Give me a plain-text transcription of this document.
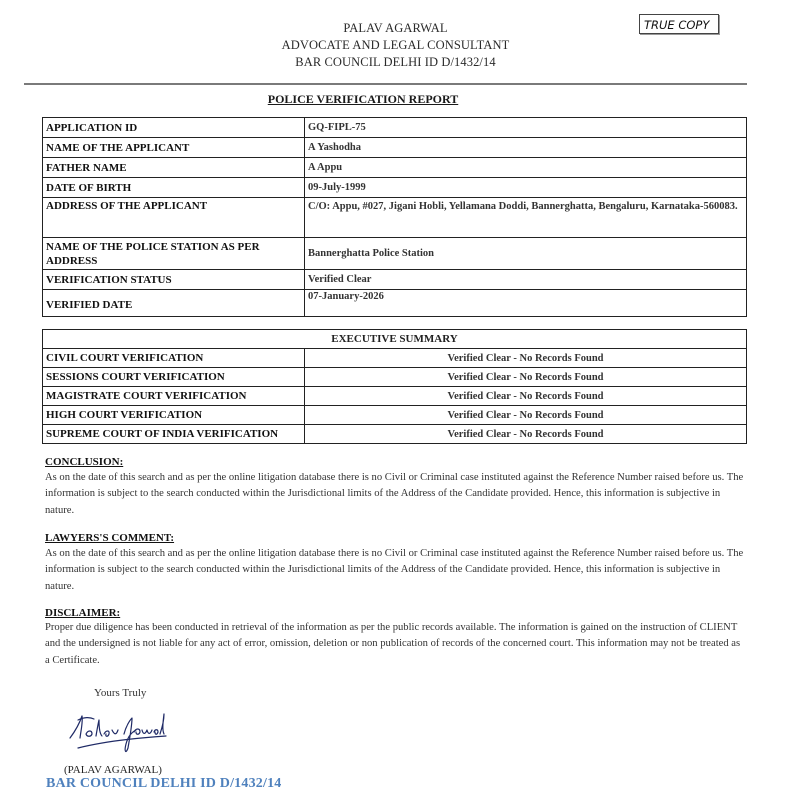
PALAV AGARWAL
ADVOCATE AND LEGAL CONSULTANT
BAR COUNCIL DELHI ID D/1432/14
TRUE COPY
POLICE VERIFICATION REPORT
APPLICATION ID	GQ-FIPL-75
NAME OF THE APPLICANT	A Yashodha
FATHER NAME	A Appu
DATE OF BIRTH	09-July-1999
ADDRESS OF THE APPLICANT	C/O: Appu, #027, Jigani Hobli, Yellamana Doddi, Bannerghatta, Bengaluru, Karnataka-560083.
NAME OF THE POLICE STATION AS PER ADDRESS	Bannerghatta Police Station
VERIFICATION STATUS	Verified Clear
VERIFIED DATE	07-January-2026
EXECUTIVE SUMMARY	
CIVIL COURT VERIFICATION	Verified Clear - No Records Found
SESSIONS COURT VERIFICATION	Verified Clear - No Records Found
MAGISTRATE COURT VERIFICATION	Verified Clear - No Records Found
HIGH COURT VERIFICATION	Verified Clear - No Records Found
SUPREME COURT OF INDIA VERIFICATION	Verified Clear - No Records Found
CONCLUSION:
As on the date of this search and as per the online litigation database there is no Civil or Criminal case instituted against the Reference Number raised before us. The information is subject to the search conducted within the Jurisdictional limits of the Address of the Candidate provided. Hence, this information is subjective in nature.
LAWYERS'S COMMENT:
As on the date of this search and as per the online litigation database there is no Civil or Criminal case instituted against the Reference Number raised before us. The information is subject to the search conducted within the Jurisdictional limits of the Address of the Candidate provided. Hence, this information is subjective in nature.
DISCLAIMER:
Proper due diligence has been conducted in retrieval of the information as per the public records available. The information is gained on the instruction of CLIENT and the undersigned is not liable for any act of error, omission, deletion or non publication of records of the concerned court. This information may not be treated as a Certificate.
Yours Truly
(PALAV AGARWAL)
BAR COUNCIL DELHI ID D/1432/14
